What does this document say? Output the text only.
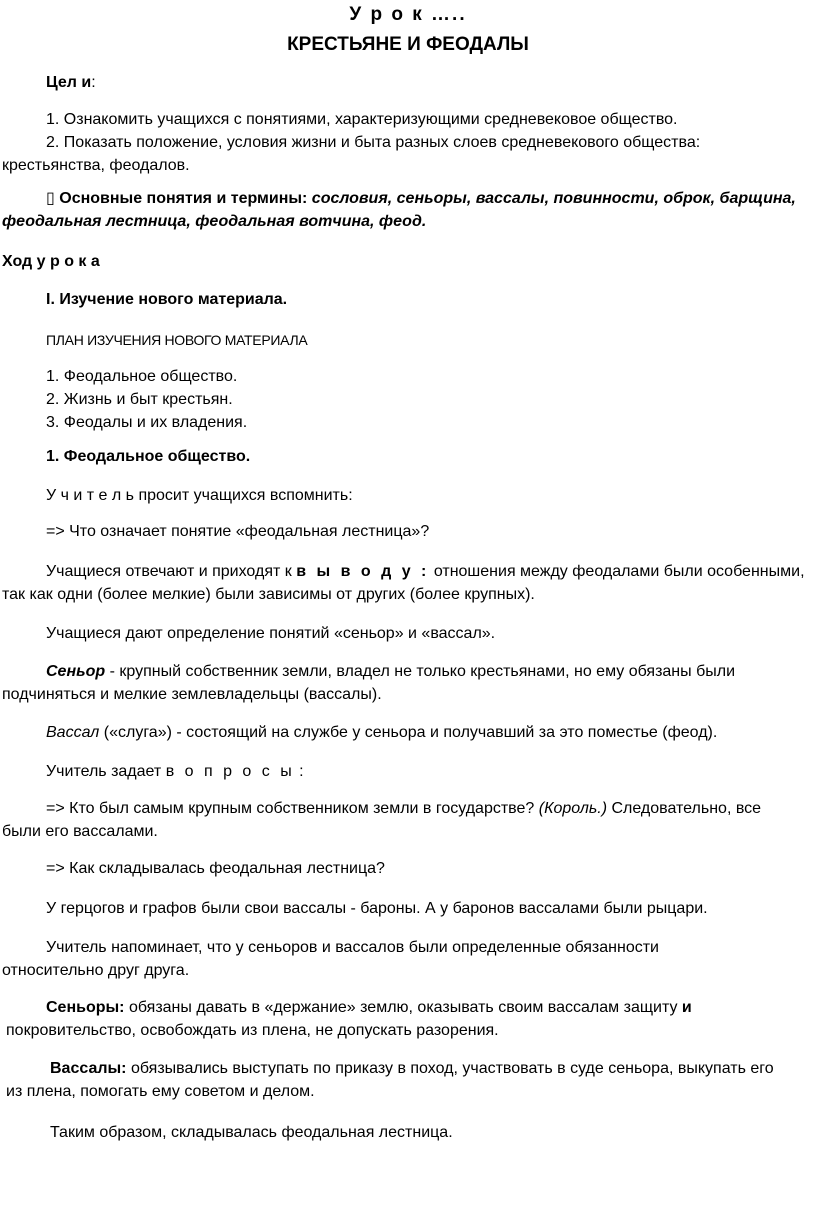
У р о к …..
КРЕСТЬЯНЕ И ФЕОДАЛЫ
Цел и:
1. Ознакомить учащихся с понятиями, характеризующими средневековое общество.
2. Показать положение, условия жизни и быта разных слоев средневекового общества:
крестьянства, феодалов.
▯ Основные понятия и термины: сословия, сеньоры, вассалы, повинности, оброк, барщина,
феодальная лестница, феодальная вотчина, феод.
Ход у р о к а
I. Изучение нового материала.
ПЛАН ИЗУЧЕНИЯ НОВОГО МАТЕРИАЛА
1. Феодальное общество.
2. Жизнь и быт крестьян.
3. Феодалы и их владения.
1. Феодальное общество.
У ч и т е л ь просит учащихся вспомнить:
=> Что означает понятие «феодальная лестница»?
Учащиеся отвечают и приходят к в ы в о д у : отношения между феодалами были особенными,
так как одни (более мелкие) были зависимы от других (более крупных).
Учащиеся дают определение понятий «сеньор» и «вассал».
Сеньор - крупный собственник земли, владел не только крестьянами, но ему обязаны были
подчиняться и мелкие землевладельцы (вассалы).
Вассал («слуга») - состоящий на службе у сеньора и получавший за это поместье (феод).
Учитель задает в о п р о с ы :
=> Кто был самым крупным собственником земли в государстве? (Король.) Следовательно, все
были его вассалами.
=> Как складывалась феодальная лестница?
У герцогов и графов были свои вассалы - бароны. А у баронов вассалами были рыцари.
Учитель напоминает, что у сеньоров и вассалов были определенные обязанности
относительно друг друга.
Сеньоры: обязаны давать в «держание» землю, оказывать своим вассалам защиту и
покровительство, освобождать из плена, не допускать разорения.
Вассалы: обязывались выступать по приказу в поход, участвовать в суде сеньора, выкупать его
из плена, помогать ему советом и делом.
Таким образом, складывалась феодальная лестница.
